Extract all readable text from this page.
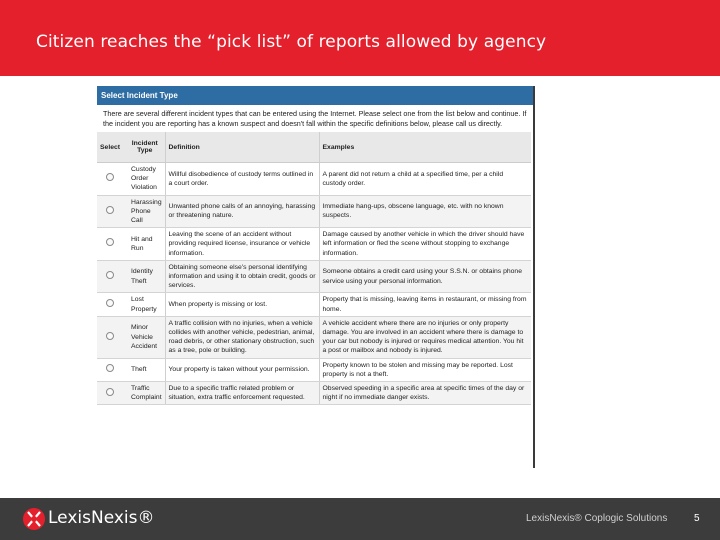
Citizen reaches the “pick list” of reports allowed by agency
Select Incident Type
There are several different incident types that can be entered using the Internet. Please select one from the list below and continue. If the incident you are reporting has a known suspect and doesn't fall within the specific definitions below, please call us directly.
Select	Incident Type	Definition	Examples
	Custody Order Violation	Willful disobedience of custody terms outlined in a court order.	A parent did not return a child at a specified time, per a child custody order.
	Harassing Phone Call	Unwanted phone calls of an annoying, harassing or threatening nature.	Immediate hang-ups, obscene language, etc. with no known suspects.
	Hit and Run	Leaving the scene of an accident without providing required license, insurance or vehicle information.	Damage caused by another vehicle in which the driver should have left information or fled the scene without stopping to exchange information.
	Identity Theft	Obtaining someone else's personal identifying information and using it to obtain credit, goods or services.	Someone obtains a credit card using your S.S.N. or obtains phone service using your personal information.
	Lost Property	When property is missing or lost.	Property that is missing, leaving items in restaurant, or missing from home.
	Minor Vehicle Accident	A traffic collision with no injuries, when a vehicle collides with another vehicle, pedestrian, animal, road debris, or other stationary obstruction, such as a tree, pole or building.	A vehicle accident where there are no injuries or only property damage. You are involved in an accident where there is damage to your car but nobody is injured or requires medical attention. You hit a post or mailbox and nobody is injured.
	Theft	Your property is taken without your permission.	Property known to be stolen and missing may be reported. Lost property is not a theft.
	Traffic Complaint	Due to a specific traffic related problem or situation, extra traffic enforcement requested.	Observed speeding in a specific area at specific times of the day or night if no immediate danger exists.
LexisNexis®	LexisNexis® Coplogic Solutions	5
